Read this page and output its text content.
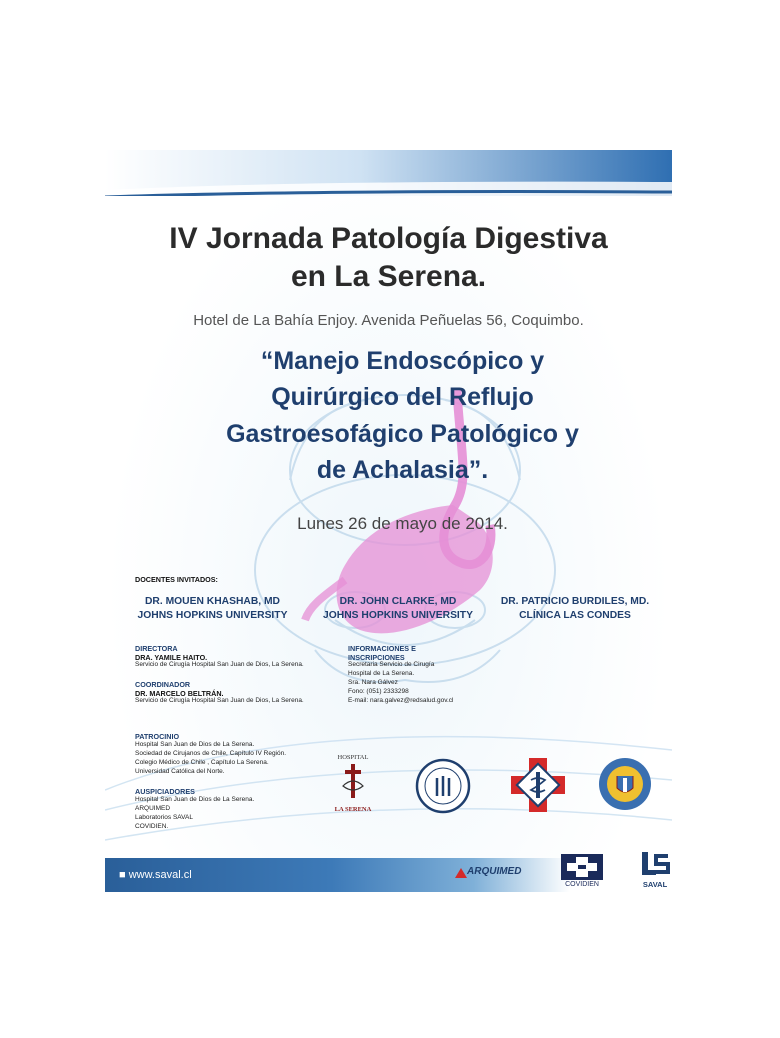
IV Jornada Patología Digestiva
en La Serena.
Hotel de La Bahía Enjoy. Avenida Peñuelas 56, Coquimbo.
“Manejo Endoscópico y
Quirúrgico del Reflujo
Gastroesofágico Patológico y
de Achalasia”.
Lunes 26 de mayo de 2014.
DOCENTES INVITADOS:
DR. MOUEN KHASHAB, MD
JOHNS HOPKINS UNIVERSITY
DR. JOHN CLARKE, MD
JOHNS HOPKINS UNIVERSITY
DR. PATRICIO BURDILES, MD.
CLÍNICA LAS CONDES
DIRECTORA
DRA. YAMILE HAITO.
Servicio de Cirugía Hospital San Juan de Dios, La Serena.
COORDINADOR
DR. MARCELO BELTRÁN.
Servicio de Cirugía Hospital San Juan de Dios, La Serena.
INFORMACIONES E
INSCRIPCIONES
Secretaria Servicio de Cirugía
Hospital de La Serena.
Sra. Nara Gálvez
Fono: (051) 2333298
E-mail: nara.galvez@redsalud.gov.cl
PATROCINIO
Hospital San Juan de Dios de La Serena.
Sociedad de Cirujanos de Chile, Capítulo IV Región.
Colegio Médico de Chile , Capítulo La Serena.
Universidad Católica del Norte.
AUSPICIADORES
Hospital San Juan de Dios de La Serena.
ARQUIMED
Laboratorios SAVAL
COVIDIEN.
HOSPITAL
LA SERENA
■ www.saval.cl	ARQUIMED
COVIDIEN	SAVAL
